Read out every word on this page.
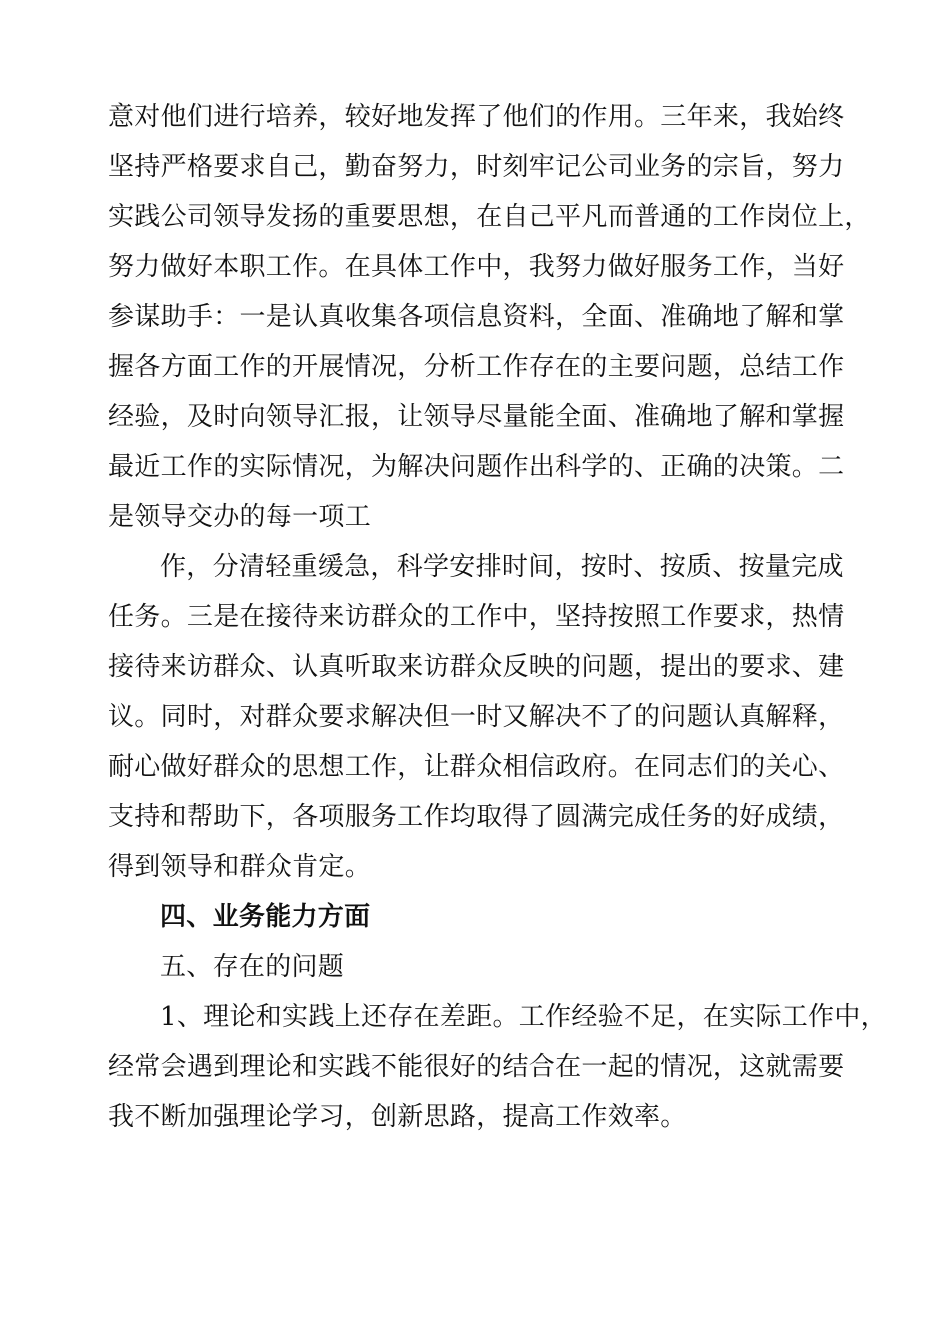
意对他们进行培养，较好地发挥了他们的作用。三年来，我始终
坚持严格要求自己，勤奋努力，时刻牢记公司业务的宗旨，努力
实践公司领导发扬的重要思想，在自己平凡而普通的工作岗位上，
努力做好本职工作。在具体工作中，我努力做好服务工作，当好
参谋助手：一是认真收集各项信息资料，全面、准确地了解和掌
握各方面工作的开展情况，分析工作存在的主要问题，总结工作
经验，及时向领导汇报，让领导尽量能全面、准确地了解和掌握
最近工作的实际情况，为解决问题作出科学的、正确的决策。二
是领导交办的每一项工
作，分清轻重缓急，科学安排时间，按时、按质、按量完成
任务。三是在接待来访群众的工作中，坚持按照工作要求，热情
接待来访群众、认真听取来访群众反映的问题，提出的要求、建
议。同时，对群众要求解决但一时又解决不了的问题认真解释，
耐心做好群众的思想工作，让群众相信政府。在同志们的关心、
支持和帮助下，各项服务工作均取得了圆满完成任务的好成绩，
得到领导和群众肯定。
四、业务能力方面
五、存在的问题
1、理论和实践上还存在差距。工作经验不足，在实际工作中，
经常会遇到理论和实践不能很好的结合在一起的情况，这就需要
我不断加强理论学习，创新思路，提高工作效率。
